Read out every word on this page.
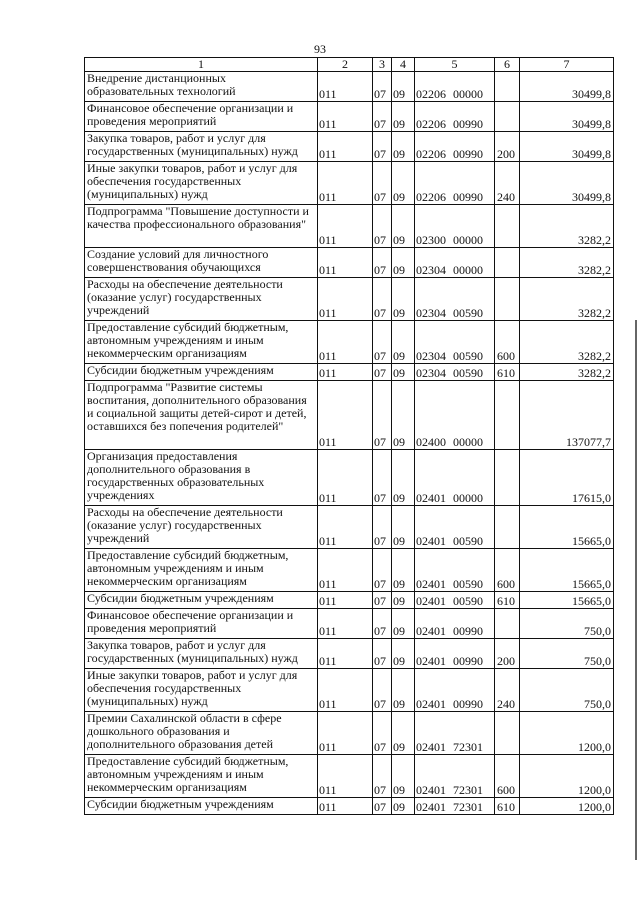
93
1	2	3	4	5	6	7
Внедрение дистанционных образовательных технологий	011	07	09	02206 00000		30499,8
Финансовое обеспечение организации и проведения мероприятий	011	07	09	02206 00990		30499,8
Закупка товаров, работ и услуг для государственных (муниципальных) нужд	011	07	09	02206 00990	200	30499,8
Иные закупки товаров, работ и услуг для обеспечения государственных (муниципальных) нужд	011	07	09	02206 00990	240	30499,8
Подпрограмма "Повышение доступности и качества профессионального образования"	011	07	09	02300 00000		3282,2
Создание условий для личностного совершенствования обучающихся	011	07	09	02304 00000		3282,2
Расходы на обеспечение деятельности (оказание услуг) государственных учреждений	011	07	09	02304 00590		3282,2
Предоставление субсидий бюджетным, автономным учреждениям и иным некоммерческим организациям	011	07	09	02304 00590	600	3282,2
Субсидии бюджетным учреждениям	011	07	09	02304 00590	610	3282,2
Подпрограмма "Развитие системы воспитания, дополнительного образования и социальной защиты детей-сирот и детей, оставшихся без попечения родителей"	011	07	09	02400 00000		137077,7
Организация предоставления дополнительного образования в государственных образовательных учреждениях	011	07	09	02401 00000		17615,0
Расходы на обеспечение деятельности (оказание услуг) государственных учреждений	011	07	09	02401 00590		15665,0
Предоставление субсидий бюджетным, автономным учреждениям и иным некоммерческим организациям	011	07	09	02401 00590	600	15665,0
Субсидии бюджетным учреждениям	011	07	09	02401 00590	610	15665,0
Финансовое обеспечение организации и проведения мероприятий	011	07	09	02401 00990		750,0
Закупка товаров, работ и услуг для государственных (муниципальных) нужд	011	07	09	02401 00990	200	750,0
Иные закупки товаров, работ и услуг для обеспечения государственных (муниципальных) нужд	011	07	09	02401 00990	240	750,0
Премии Сахалинской области в сфере дошкольного образования и дополнительного образования детей	011	07	09	02401 72301		1200,0
Предоставление субсидий бюджетным, автономным учреждениям и иным некоммерческим организациям	011	07	09	02401 72301	600	1200,0
Субсидии бюджетным учреждениям	011	07	09	02401 72301	610	1200,0
